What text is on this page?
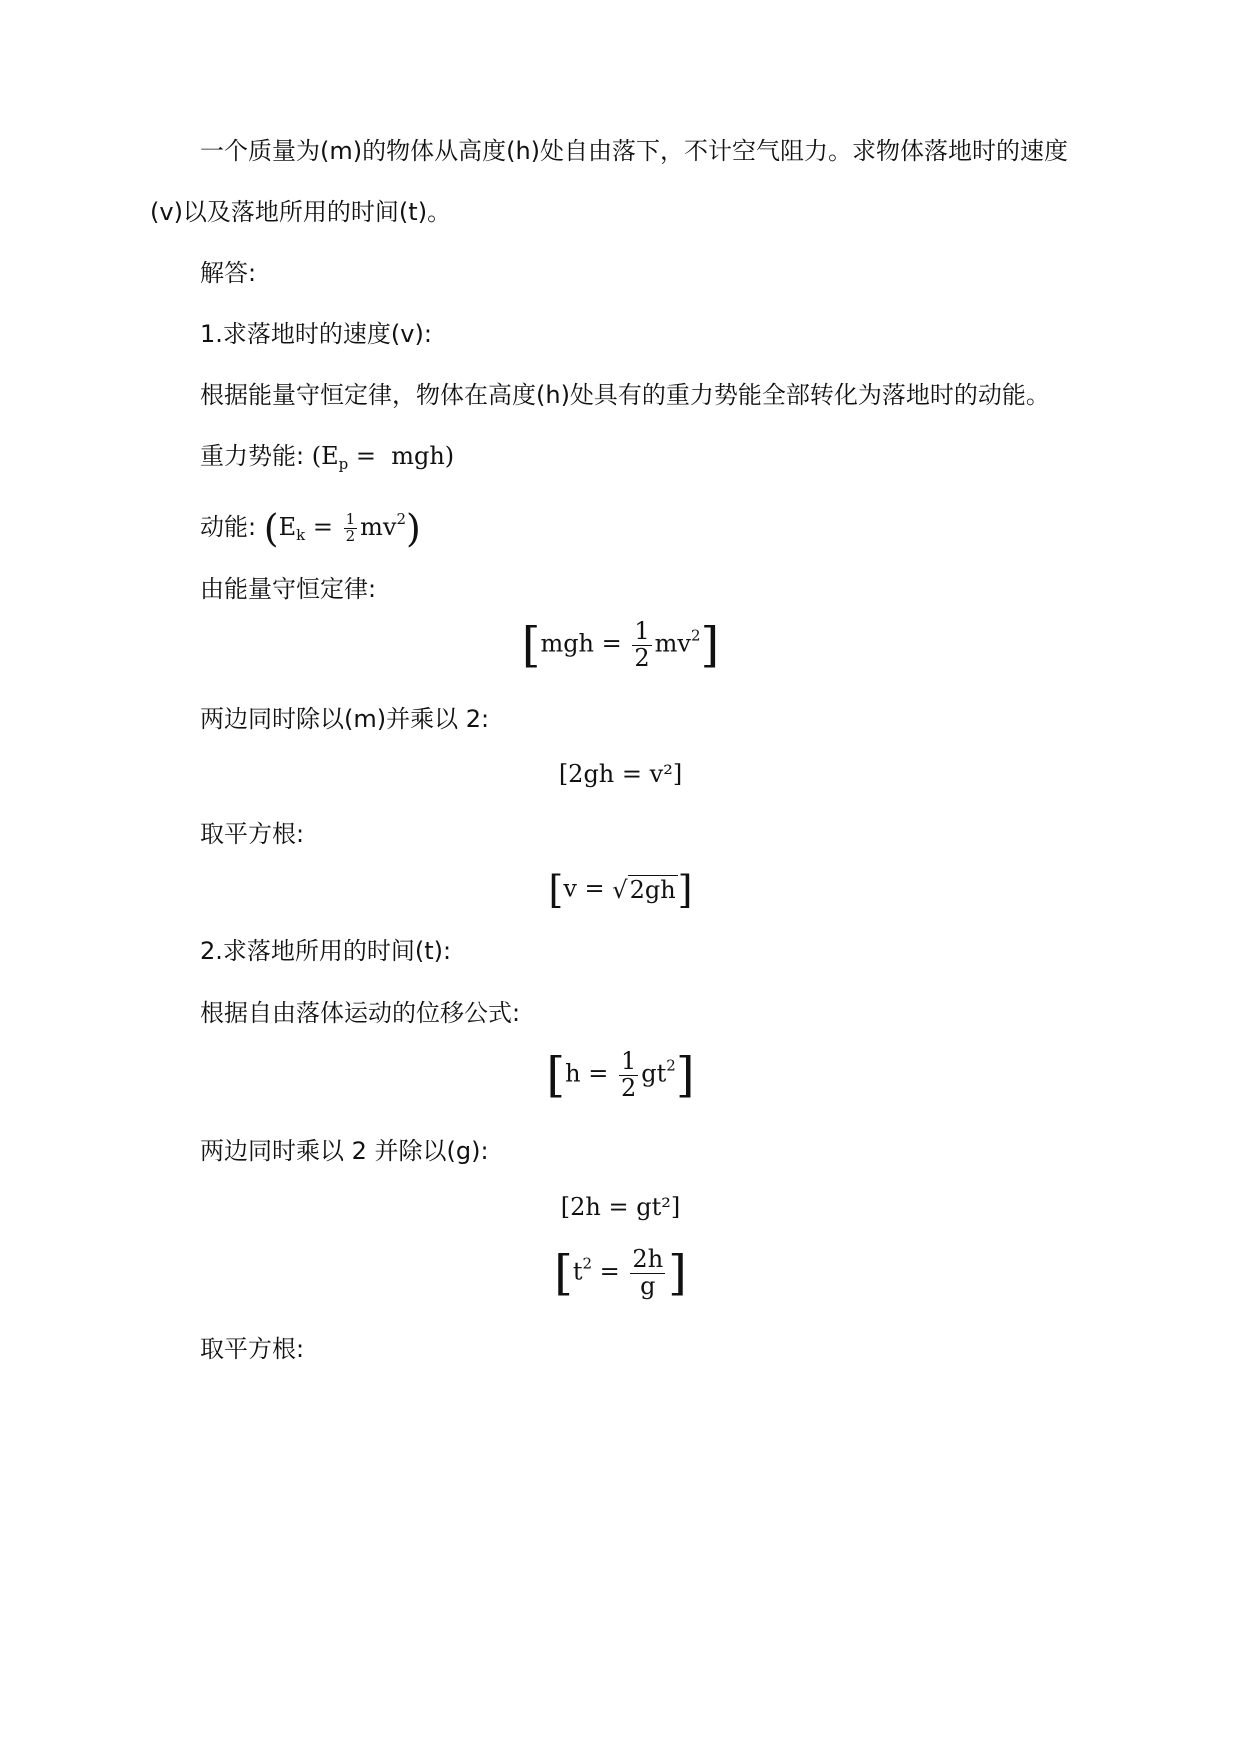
一个质量为(m)的物体从高度(h)处自由落下，不计空气阻力。求物体落地时的速度
(v)以及落地所用的时间(t)。
解答:
1.求落地时的速度(v):
根据能量守恒定律，物体在高度(h)处具有的重力势能全部转化为落地时的动能。
重力势能: $(E_p = mgh)$
动能: $(E_k = \frac{1}{2} mv^2)$
由能量守恒定律:
$[mgh = \frac{1}{2} mv^2]$
两边同时除以(m)并乘以 2:
[2gh = v²]
取平方根:
[v = √2gh]
2.求落地所用的时间(t):
根据自由落体运动的位移公式:
$[h = \frac{1}{2} gt^2]$
两边同时乘以 2 并除以(g):
[2h = gt²]
[$t^2 = \frac{2h}{g}$ ]
取平方根:
